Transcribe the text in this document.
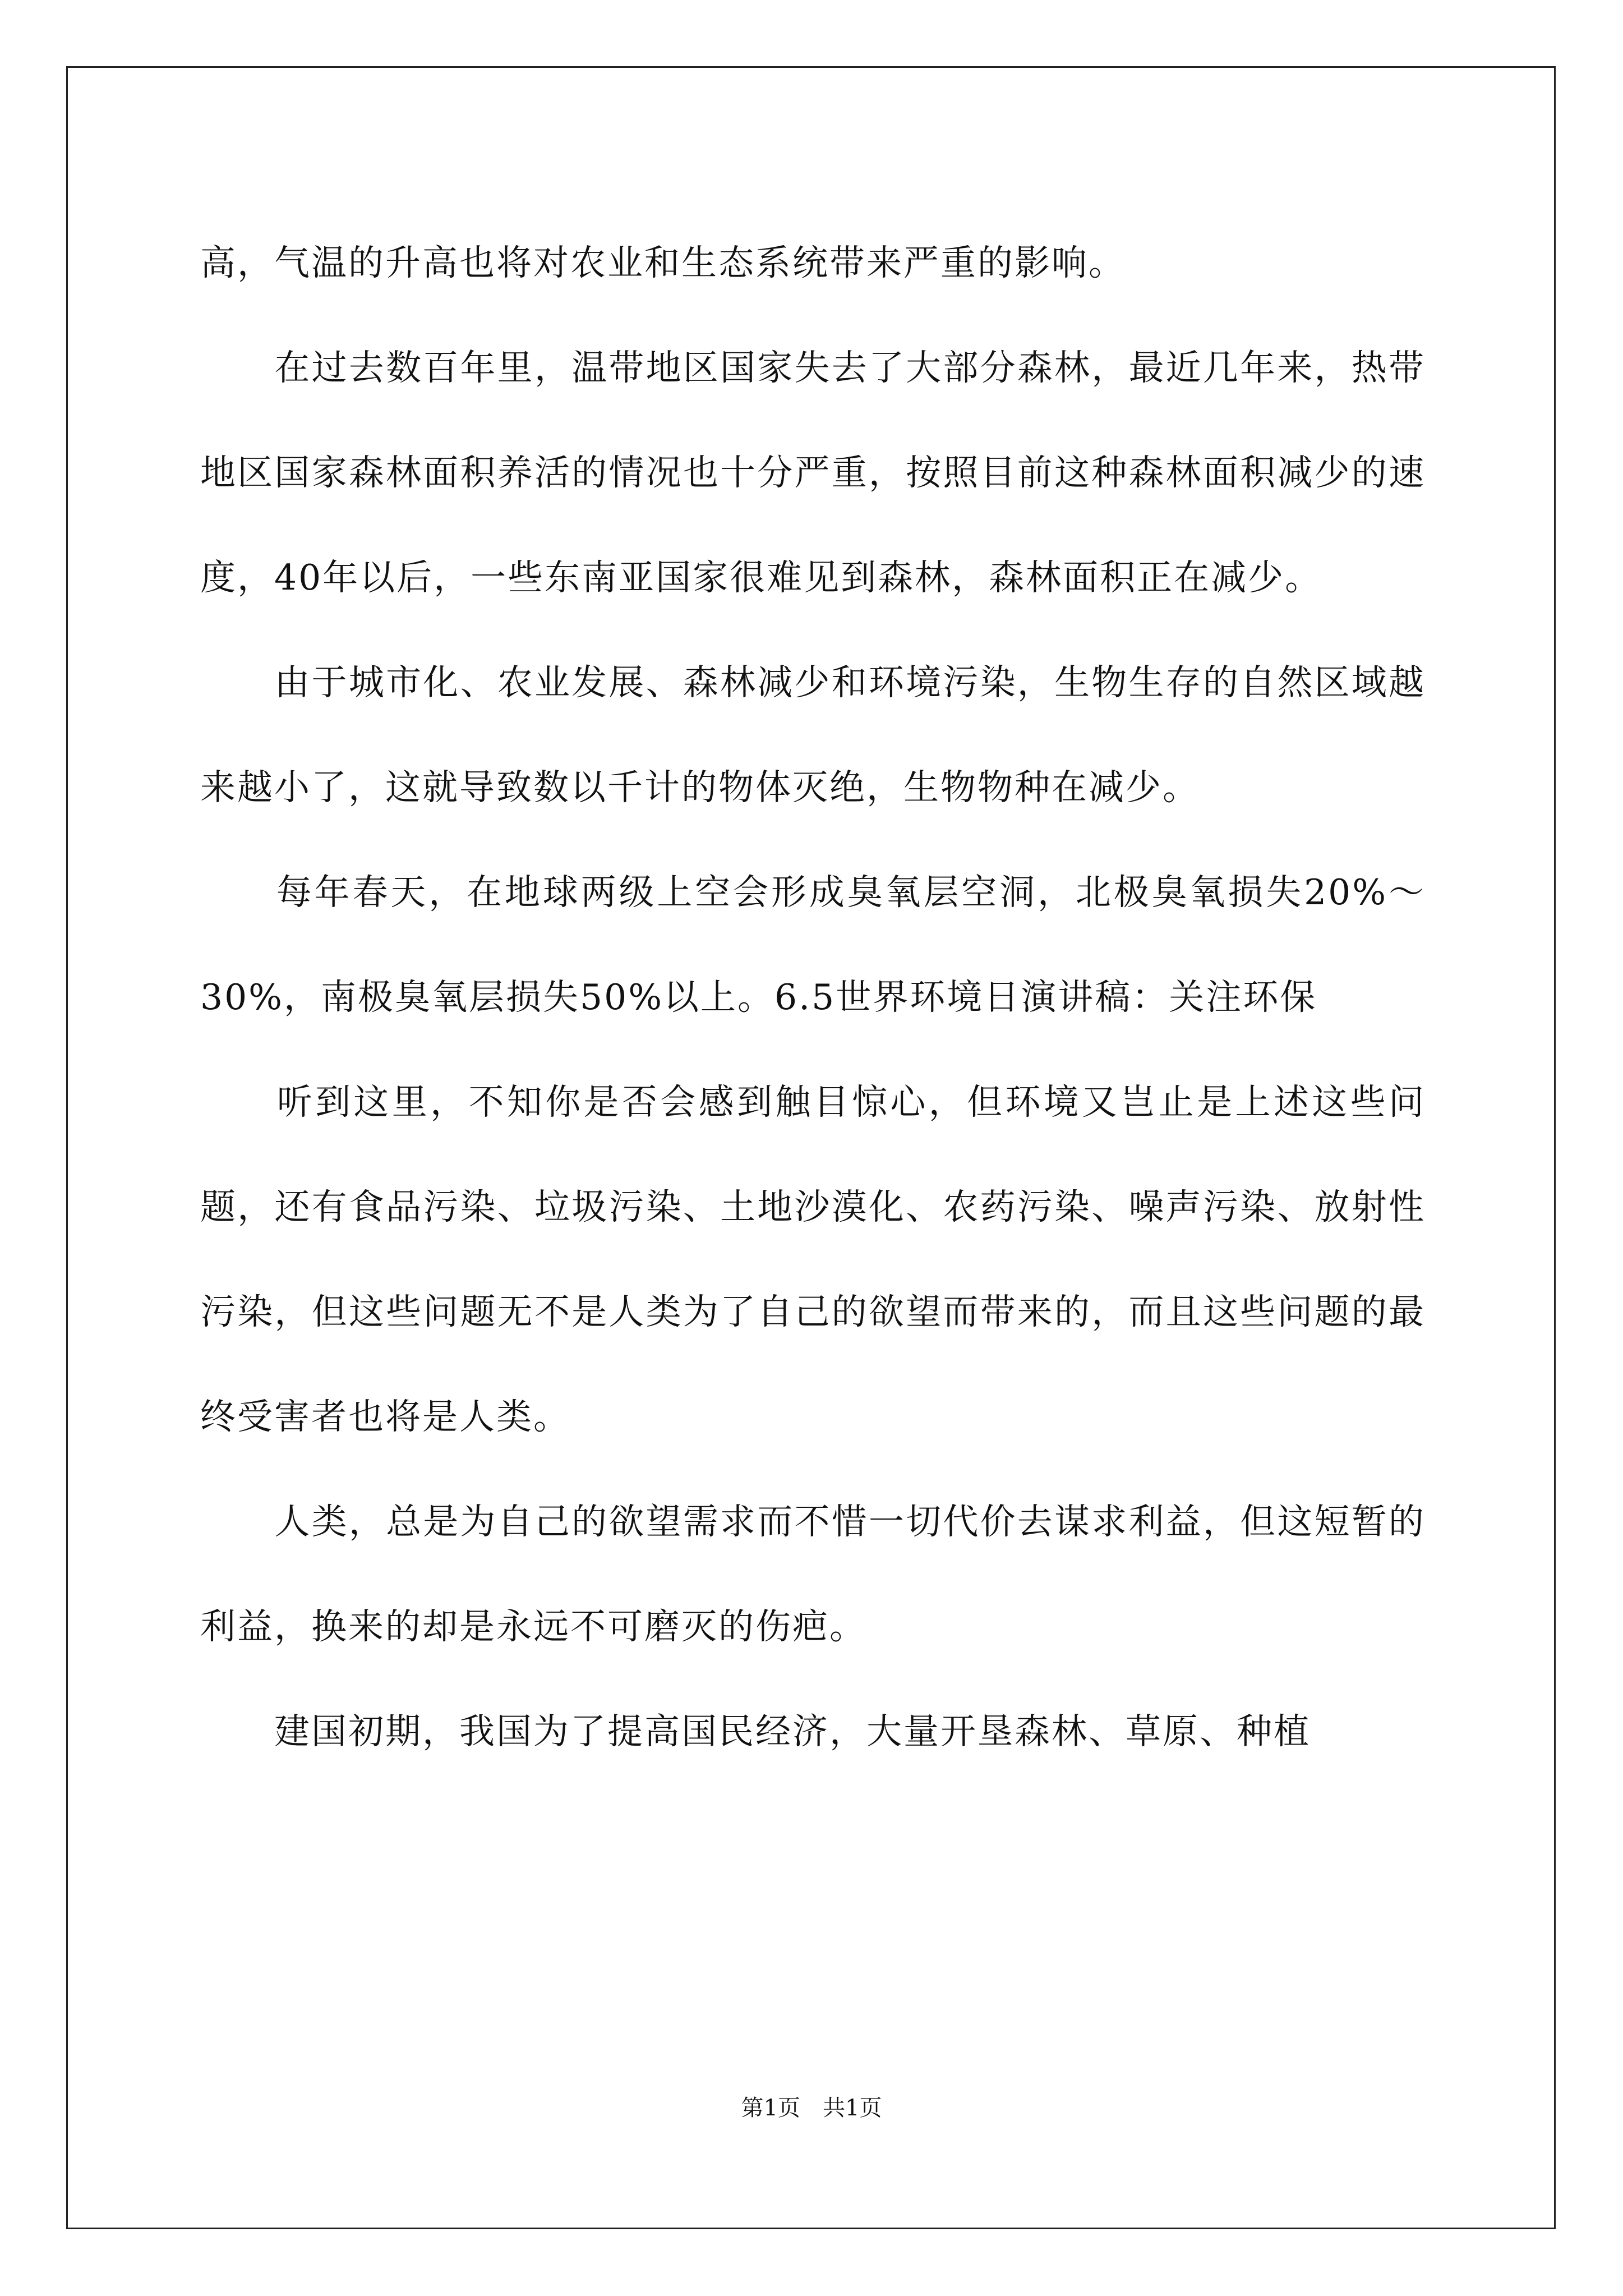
高，气温的升高也将对农业和生态系统带来严重的影响。

　　在过去数百年里，温带地区国家失去了大部分森林，最近几年来，热带地区国家森林面积养活的情况也十分严重，按照目前这种森林面积减少的速度，40年以后，一些东南亚国家很难见到森林，森林面积正在减少。

　　由于城市化、农业发展、森林减少和环境污染，生物生存的自然区域越来越小了，这就导致数以千计的物体灭绝，生物物种在减少。

　　每年春天，在地球两级上空会形成臭氧层空洞，北极臭氧损失20%～30%，南极臭氧层损失50%以上。6.5世界环境日演讲稿：关注环保

　　听到这里，不知你是否会感到触目惊心，但环境又岂止是上述这些问题，还有食品污染、垃圾污染、土地沙漠化、农药污染、噪声污染、放射性污染，但这些问题无不是人类为了自己的欲望而带来的，而且这些问题的最终受害者也将是人类。

　　人类，总是为自己的欲望需求而不惜一切代价去谋求利益，但这短暂的利益，换来的却是永远不可磨灭的伤疤。

　　建国初期，我国为了提高国民经济，大量开垦森林、草原、种植

第1页　共1页
